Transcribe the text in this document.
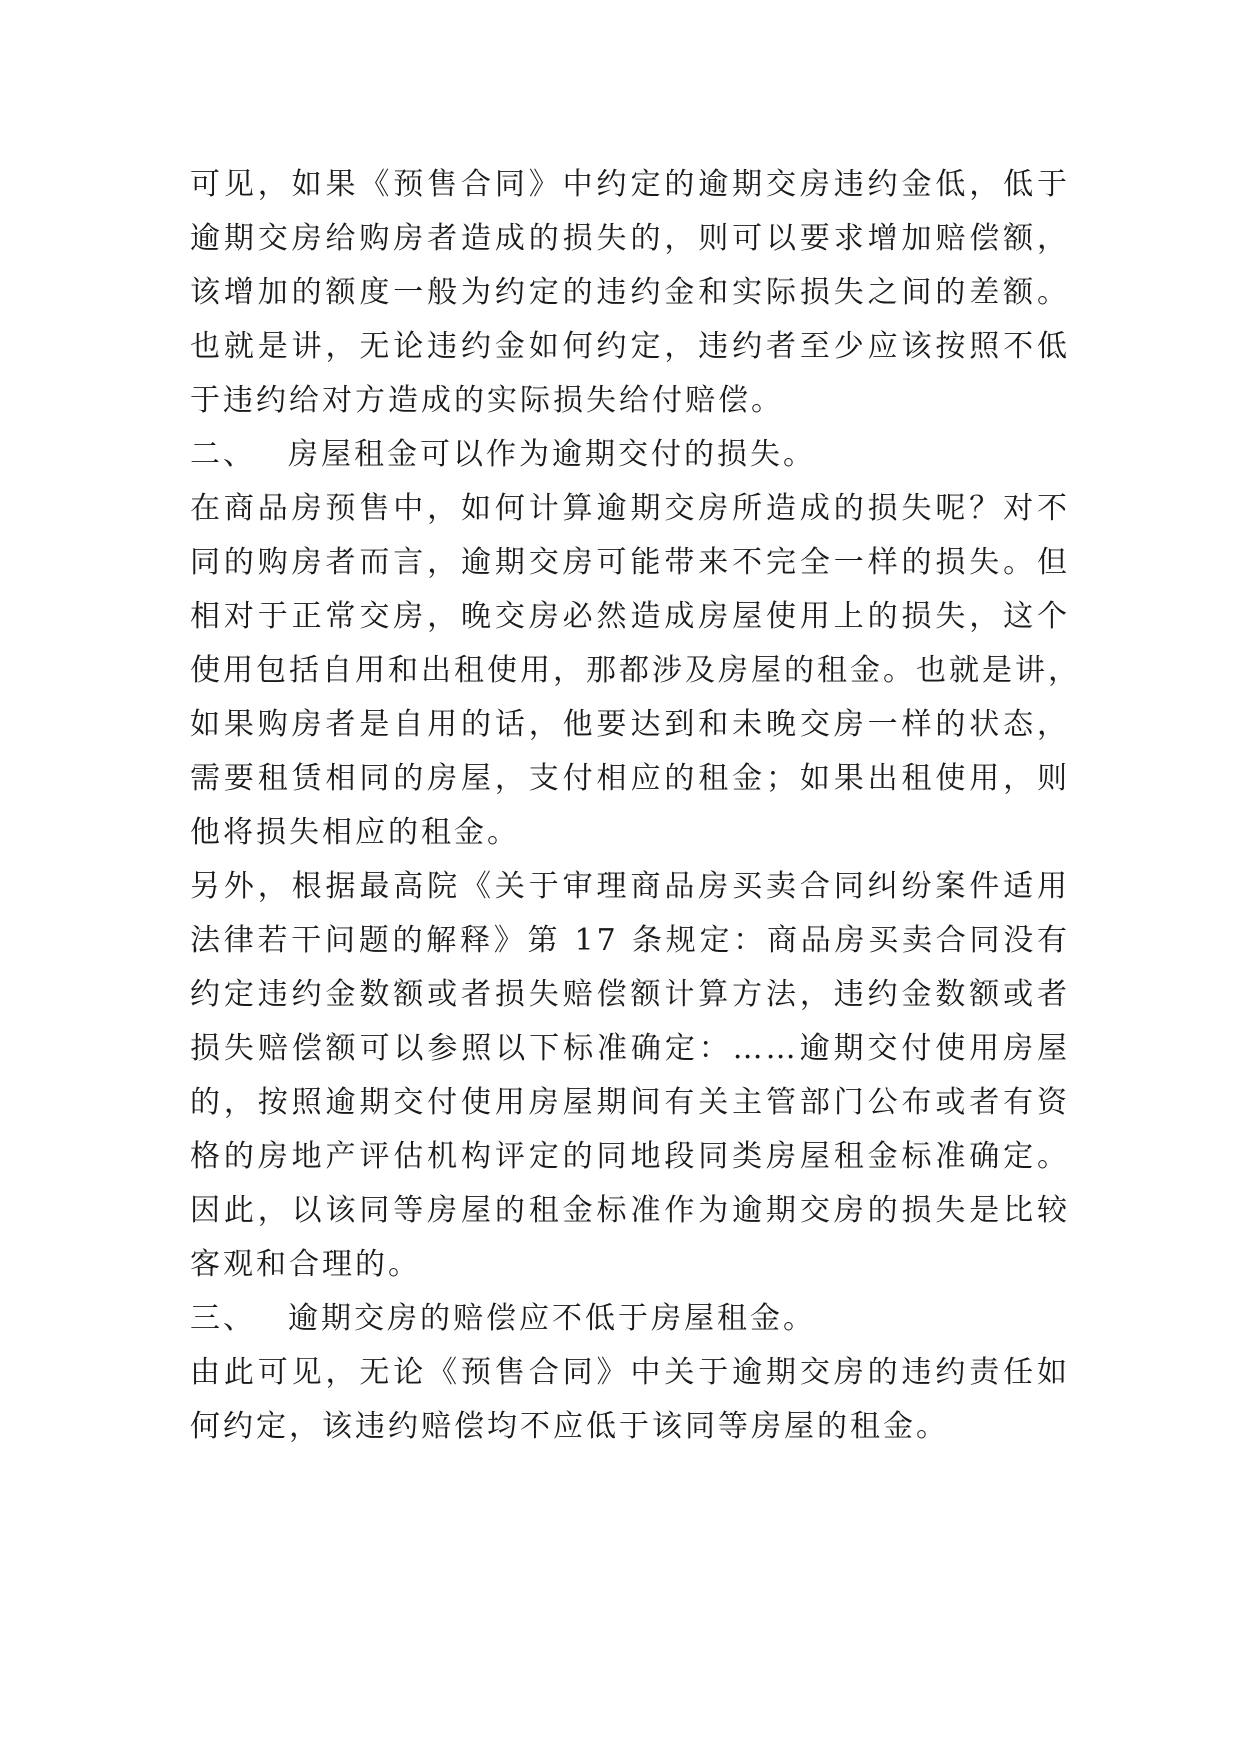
可见，如果《预售合同》中约定的逾期交房违约金低，低于
逾期交房给购房者造成的损失的，则可以要求增加赔偿额，
该增加的额度一般为约定的违约金和实际损失之间的差额。
也就是讲，无论违约金如何约定，违约者至少应该按照不低
于违约给对方造成的实际损失给付赔偿。
二、 房屋租金可以作为逾期交付的损失。
在商品房预售中，如何计算逾期交房所造成的损失呢？对不
同的购房者而言，逾期交房可能带来不完全一样的损失。但
相对于正常交房，晚交房必然造成房屋使用上的损失，这个
使用包括自用和出租使用，那都涉及房屋的租金。也就是讲，
如果购房者是自用的话，他要达到和未晚交房一样的状态，
需要租赁相同的房屋，支付相应的租金；如果出租使用，则
他将损失相应的租金。
另外，根据最高院《关于审理商品房买卖合同纠纷案件适用
法律若干问题的解释》第 17 条规定：商品房买卖合同没有
约定违约金数额或者损失赔偿额计算方法，违约金数额或者
损失赔偿额可以参照以下标准确定：……逾期交付使用房屋
的，按照逾期交付使用房屋期间有关主管部门公布或者有资
格的房地产评估机构评定的同地段同类房屋租金标准确定。
因此，以该同等房屋的租金标准作为逾期交房的损失是比较
客观和合理的。
三、 逾期交房的赔偿应不低于房屋租金。
由此可见，无论《预售合同》中关于逾期交房的违约责任如
何约定，该违约赔偿均不应低于该同等房屋的租金。
